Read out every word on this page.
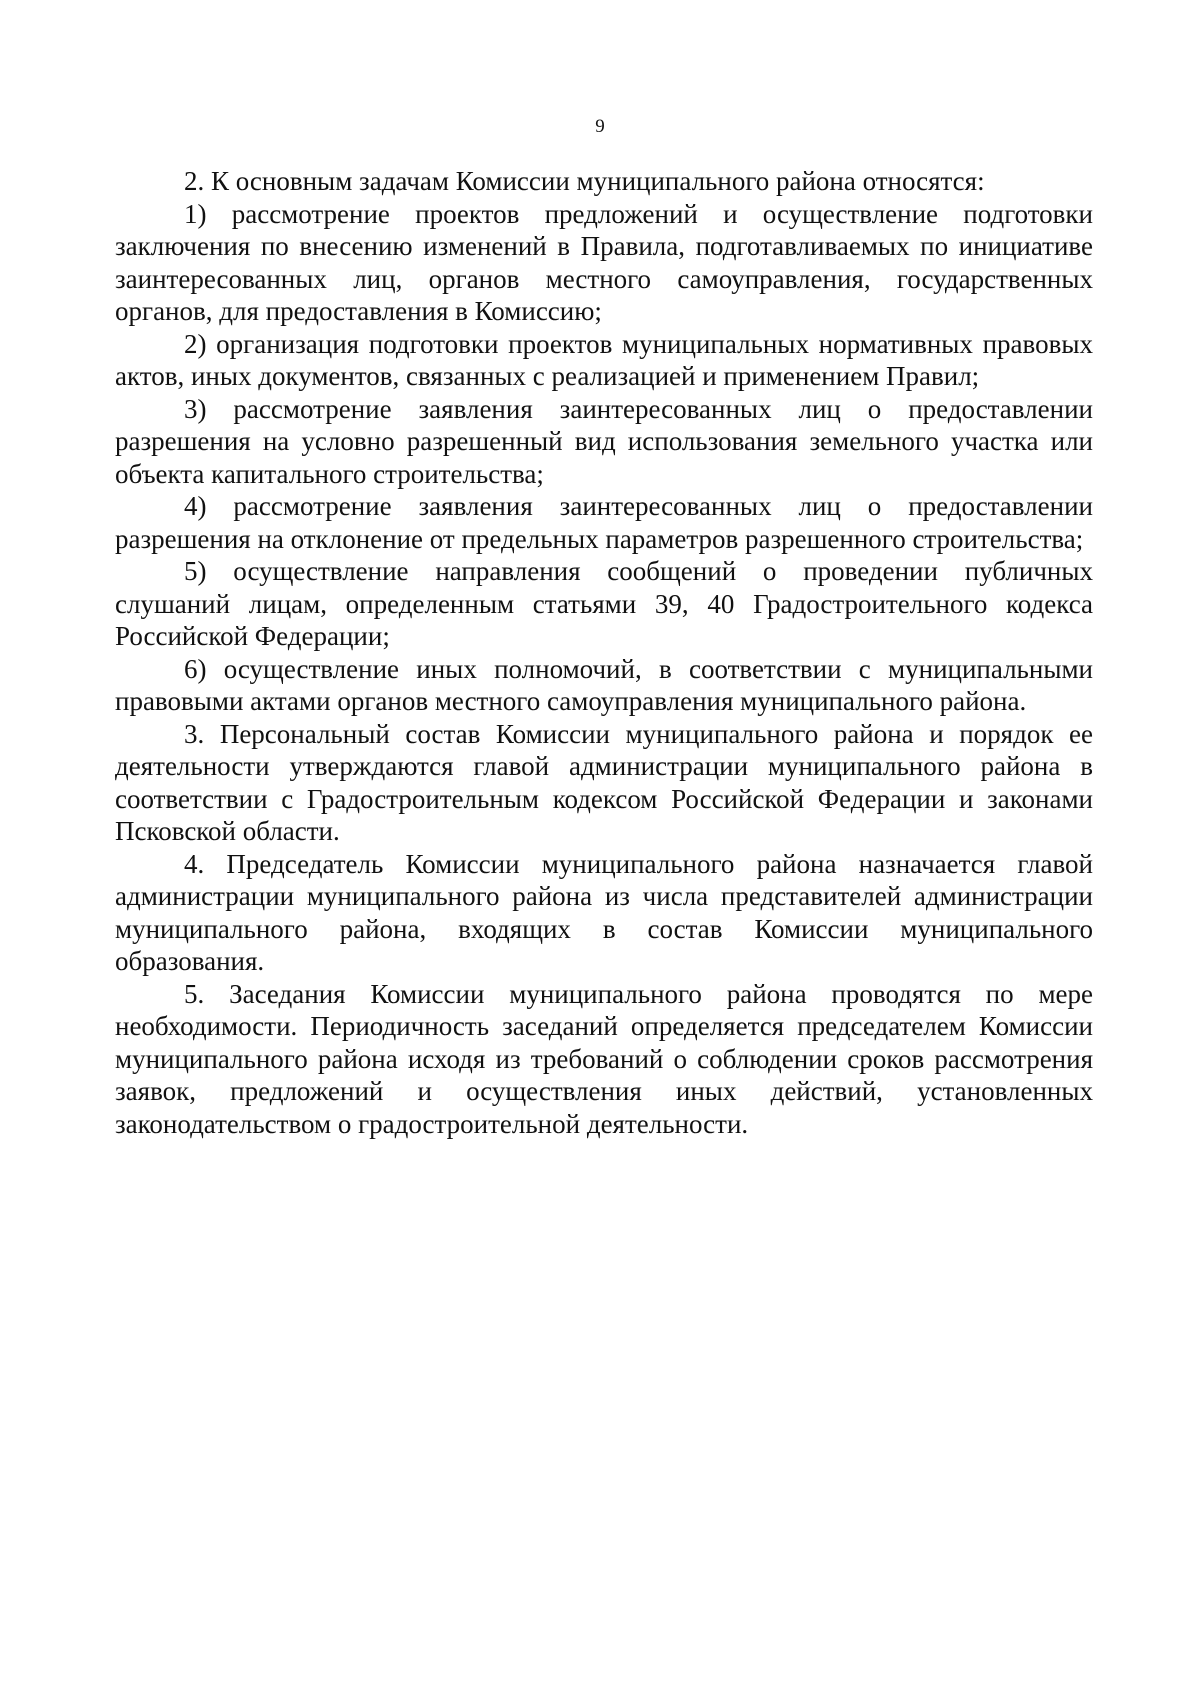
9

2. К основным задачам Комиссии муниципального района относятся:

1) рассмотрение проектов предложений и осуществление подготовки заключения по внесению изменений в Правила, подготавливаемых по инициативе заинтересованных лиц, органов местного самоуправления, государственных органов, для предоставления в Комиссию;

2) организация подготовки проектов муниципальных нормативных правовых актов, иных документов, связанных с реализацией и применением Правил;

3) рассмотрение заявления заинтересованных лиц о предоставлении разрешения на условно разрешенный вид использования земельного участка или объекта капитального строительства;

4) рассмотрение заявления заинтересованных лиц о предоставлении разрешения на отклонение от предельных параметров разрешенного строительства;

5) осуществление направления сообщений о проведении публичных слушаний лицам, определенным статьями 39, 40 Градостроительного кодекса Российской Федерации;

6) осуществление иных полномочий, в соответствии с муниципальными правовыми актами органов местного самоуправления муниципального района.

3. Персональный состав Комиссии муниципального района и порядок ее деятельности утверждаются главой администрации муниципального района в соответствии с Градостроительным кодексом Российской Федерации и законами Псковской области.

4. Председатель Комиссии муниципального района назначается главой администрации муниципального района из числа представителей администрации муниципального района, входящих в состав Комиссии муниципального образования.

5. Заседания Комиссии муниципального района проводятся по мере необходимости. Периодичность заседаний определяется председателем Комиссии муниципального района исходя из требований о соблюдении сроков рассмотрения заявок, предложений и осуществления иных действий, установленных законодательством о градостроительной деятельности.
